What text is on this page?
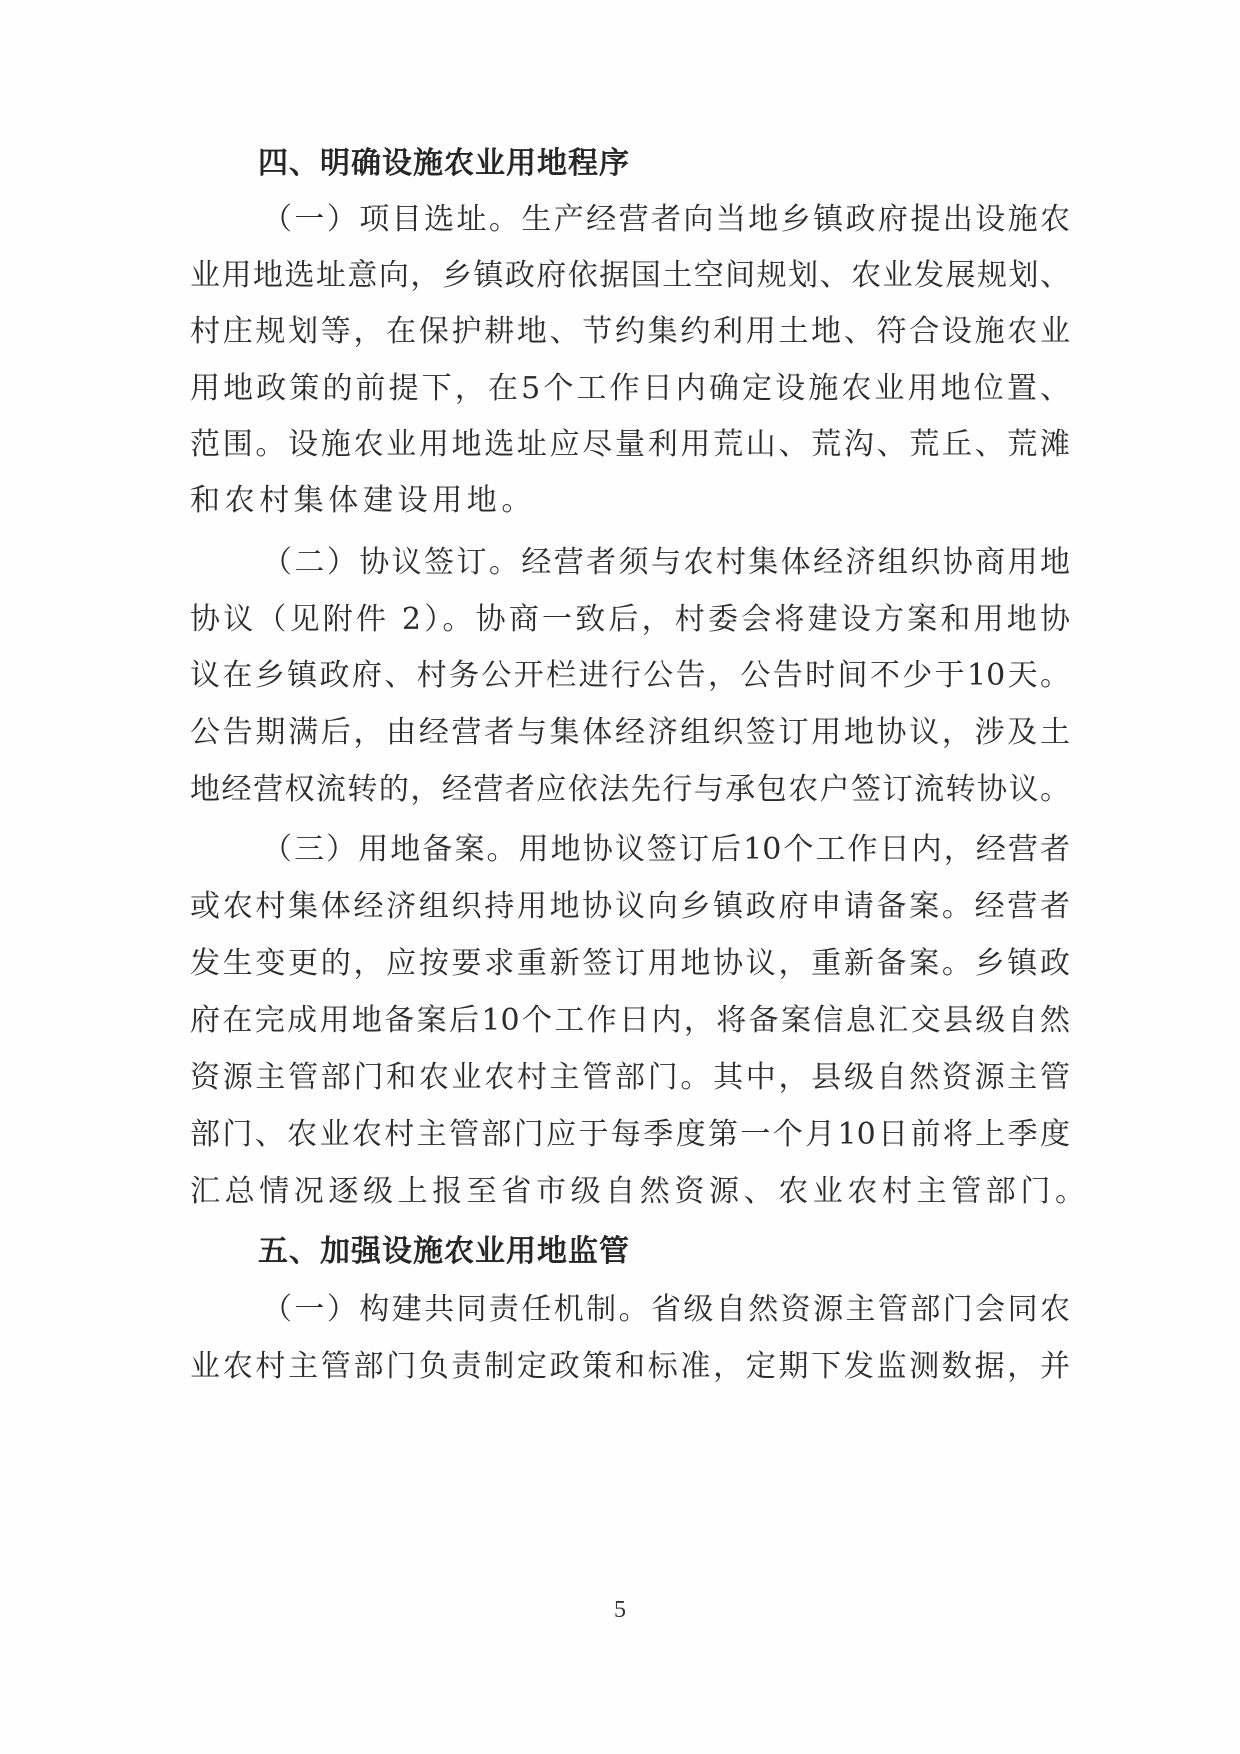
四、明确设施农业用地程序
（一）项目选址。生产经营者向当地乡镇政府提出设施农
业用地选址意向，乡镇政府依据国土空间规划、农业发展规划、
村庄规划等，在保护耕地、节约集约利用土地、符合设施农业
用地政策的前提下，在5个工作日内确定设施农业用地位置、
范围。设施农业用地选址应尽量利用荒山、荒沟、荒丘、荒滩
和农村集体建设用地。
（二）协议签订。经营者须与农村集体经济组织协商用地
协议（见附件 2）。协商一致后，村委会将建设方案和用地协
议在乡镇政府、村务公开栏进行公告，公告时间不少于10天。
公告期满后，由经营者与集体经济组织签订用地协议，涉及土
地经营权流转的，经营者应依法先行与承包农户签订流转协议。
（三）用地备案。用地协议签订后10个工作日内，经营者
或农村集体经济组织持用地协议向乡镇政府申请备案。经营者
发生变更的，应按要求重新签订用地协议，重新备案。乡镇政
府在完成用地备案后10个工作日内，将备案信息汇交县级自然
资源主管部门和农业农村主管部门。其中，县级自然资源主管
部门、农业农村主管部门应于每季度第一个月10日前将上季度
汇总情况逐级上报至省市级自然资源、农业农村主管部门。
五、加强设施农业用地监管
（一）构建共同责任机制。省级自然资源主管部门会同农
业农村主管部门负责制定政策和标准，定期下发监测数据，并
5
